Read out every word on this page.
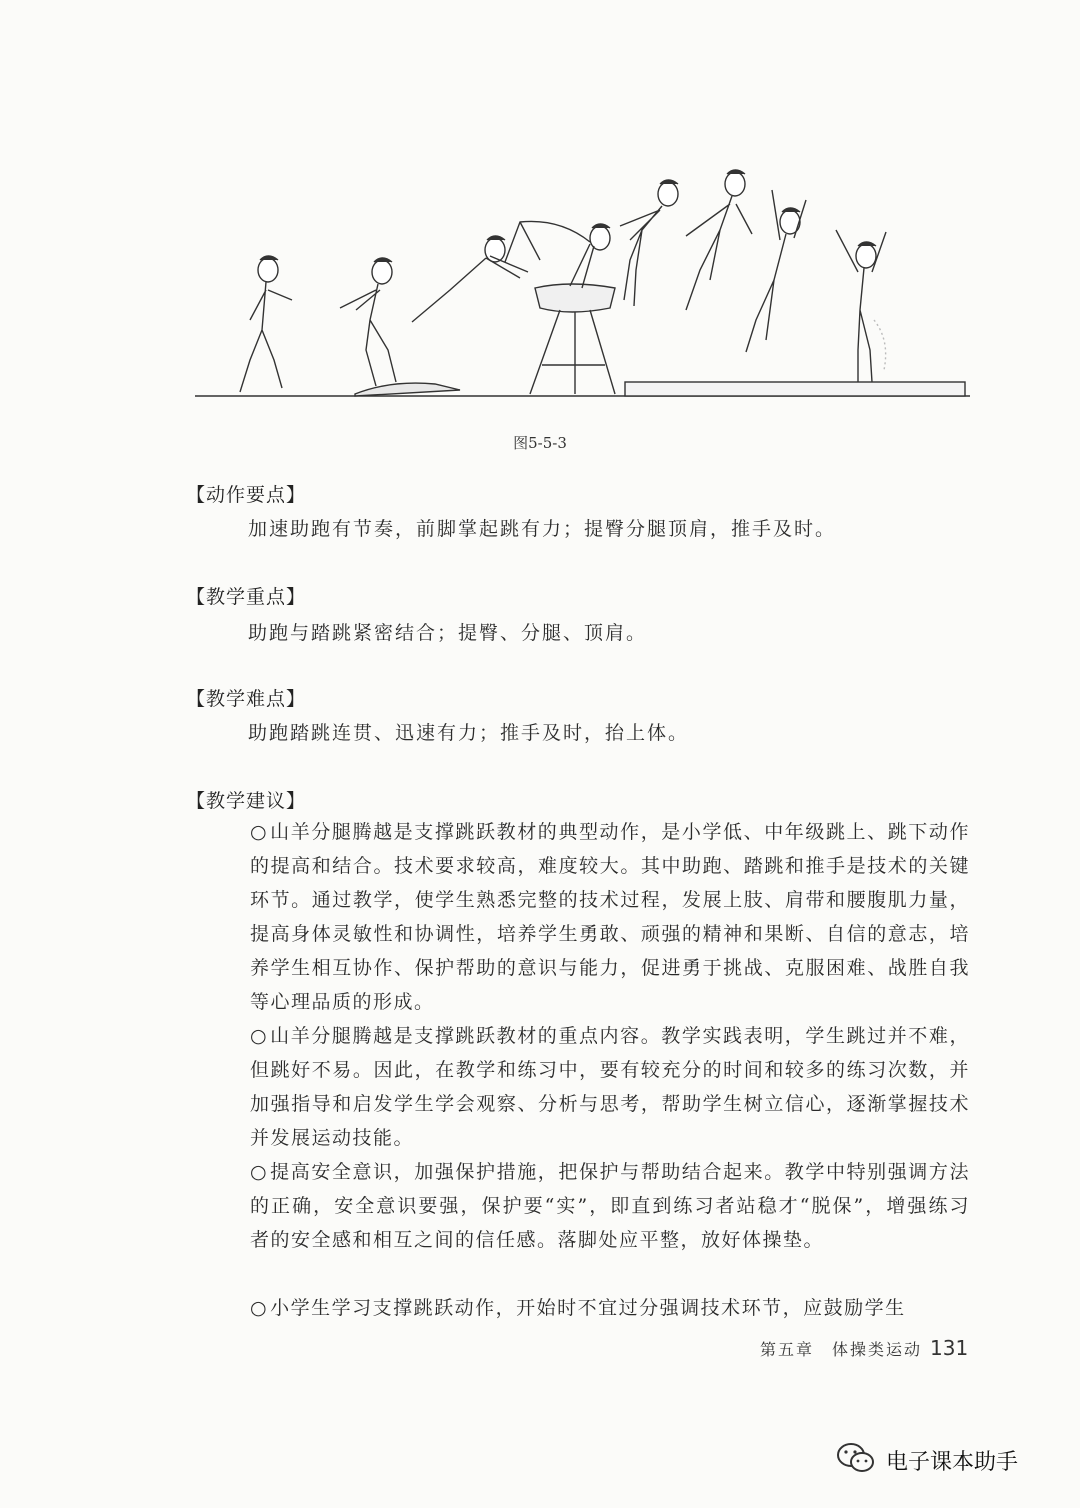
图5-5-3
【动作要点】
加速助跑有节奏，前脚掌起跳有力；提臀分腿顶肩，推手及时。
【教学重点】
助跑与踏跳紧密结合；提臀、分腿、顶肩。
【教学难点】
助跑踏跳连贯、迅速有力；推手及时，抬上体。
【教学建议】
○ 山羊分腿腾越是支撑跳跃教材的典型动作，是小学低、中年级跳上、跳下动作的提高和结合。技术要求较高，难度较大。其中助跑、踏跳和推手是技术的关键环节。通过教学，使学生熟悉完整的技术过程，发展上肢、肩带和腰腹肌力量，提高身体灵敏性和协调性，培养学生勇敢、顽强的精神和果断、自信的意志，培养学生相互协作、保护帮助的意识与能力，促进勇于挑战、克服困难、战胜自我等心理品质的形成。
○ 山羊分腿腾越是支撑跳跃教材的重点内容。教学实践表明，学生跳过并不难，但跳好不易。因此，在教学和练习中，要有较充分的时间和较多的练习次数，并加强指导和启发学生学会观察、分析与思考，帮助学生树立信心，逐渐掌握技术并发展运动技能。
○ 提高安全意识，加强保护措施，把保护与帮助结合起来。教学中特别强调方法的正确，安全意识要强，保护要“实”，即直到练习者站稳才“脱保”，增强练习者的安全感和相互之间的信任感。落脚处应平整，放好体操垫。
○ 小学生学习支撑跳跃动作，开始时不宜过分强调技术环节，应鼓励学生
第五章　体操类运动 131
电子课本助手
